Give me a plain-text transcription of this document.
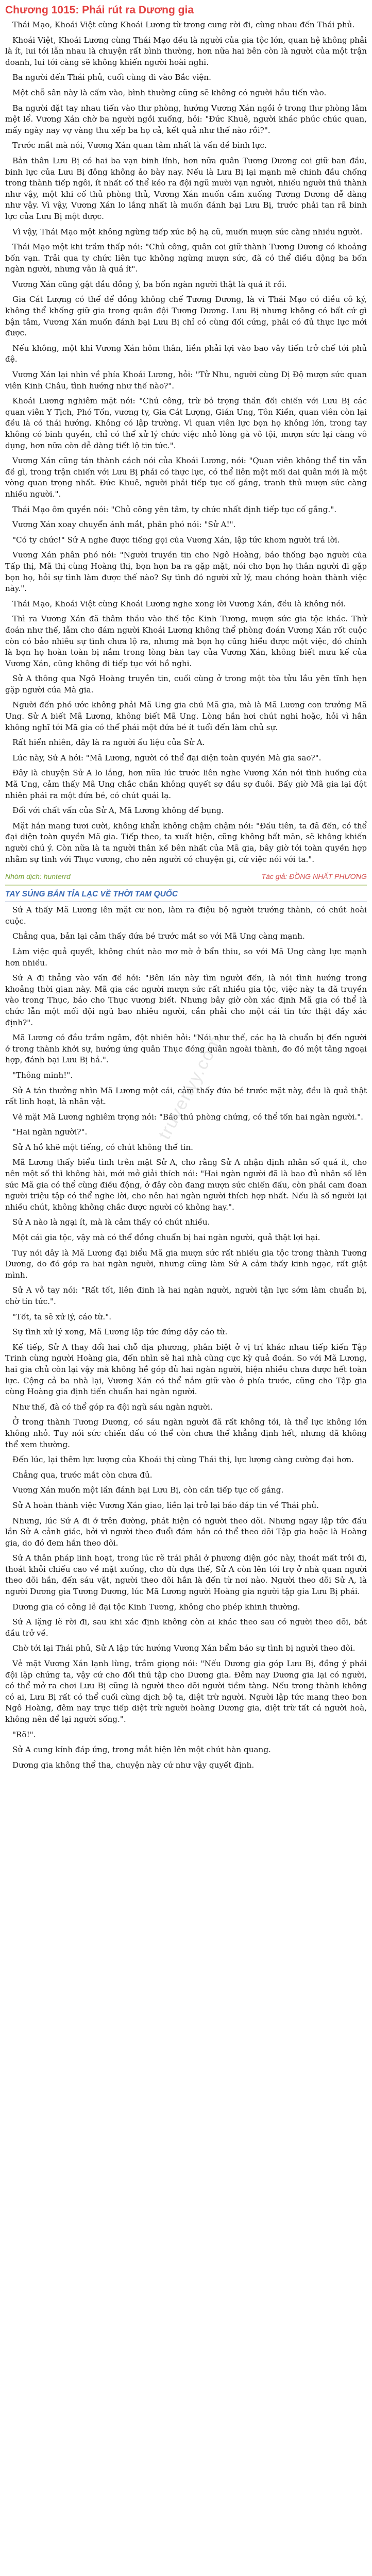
truyenyy.com
Chương 1015: Phái rút ra Dương gia

Thái Mạo, Khoái Việt cùng Khoái Lương từ trong cung rời đi, cùng nhau đến Thái phủ.

Khoái Việt, Khoái Lương cùng Thái Mạo đều là người của gia tộc lớn, quan hệ không phải là ít, lui tới lẫn nhau là chuyện rất bình thường, hơn nữa hai bên còn là người của một trận doanh, lui tới càng sẽ không khiến người hoài nghi.

Ba người đến Thái phủ, cuối cùng đi vào Bắc viện.

Một chỗ sân này là cấm vào, bình thường cũng sẽ không có người hầu tiến vào.

Ba người đặt tay nhau tiến vào thư phòng, hướng Vương Xán ngồi ở trong thư phòng lâm mệt lể. Vương Xán chờ ba người ngồi xuống, hỏi: "Đức Khuê, người khác phúc chúc quan, mấy ngày nay vợ vàng thu xếp ba họ cả, kết quả như thế nào rồi?".

Trước mắt mà nói, Vương Xán quan tâm nhất là vấn đề bình lực.

Bản thân Lưu Bị có hai ba vạn binh lính, hơn nữa quân Tương Dương coi giữ ban đầu, binh lực của Lưu Bị đông không ảo bày nay. Nếu là Lưu Bị lại mạnh mẽ chinh đầu chống trong thành tiếp ngôi, ít nhất cố thể kéo ra đội ngũ mười vạn người, nhiều người thủ thành như vậy, một khi cố thủ phòng thủ, Vương Xán muốn cầm xuống Tương Dương dễ dàng như vậy. Vì vậy, Vương Xán lo lắng nhất là muốn đánh bại Lưu Bị, trước phải tan rã binh lực của Lưu Bị một được.

Vì vậy, Thái Mạo một không ngừng tiếp xúc bộ hạ cũ, muốn mượn sức càng nhiều người.

Thái Mạo một khi trầm thấp nói: "Chủ công, quân coi giữ thành Tương Dương có khoảng bốn vạn. Trải qua ty chức liên tục không ngừng mượn sức, đã có thể điều động ba bốn ngàn người, nhưng vẫn là quá ít".

Vương Xán cũng gật đầu đồng ý, ba bốn ngàn người thật là quá ít rồi.

Gia Cát Lượng có thể để đồng không chế Tương Dương, là vì Thái Mạo có điều cô ký, không thể khống giữ gia trong quân đội Tương Dương. Lưu Bị nhưng không có bất cứ gì bận tâm, Vương Xán muốn đánh bại Lưu Bị chỉ có cùng đối cứng, phải có đủ thực lực mới được.

Nếu không, một khi Vương Xán hôm thân, liền phải lợi vào bao vây tiến trở chế tới phủ đệ.

Vương Xán lại nhìn về phía Khoái Lương, hỏi: "Tử Nhu, người cùng Dị Độ mượn sức quan viên Kinh Châu, tình hướng như thế nào?".

Khoái Lương nghiêm mặt nói: "Chủ công, trừ bỏ trọng thần đối chiến với Lưu Bị các quan viên Y Tịch, Phó Tốn, vương ty, Gia Cát Lượng, Gián Ung, Tôn Kiền, quan viên còn lại đều là có thái hướng. Không có lập trường. Vì quan viên lực bọn họ không lớn, trong tay không có binh quyền, chỉ có thể xử lý chức việc nhỏ lòng gà vô tội, mượn sức lại càng vô dụng, hơn nữa còn dễ dàng tiết lộ tin tức.".

Vương Xán cũng tán thành cách nói của Khoái Lương, nói: "Quan viên không thể tin vẫn đề gì, trong trận chiến với Lưu Bị phải có thực lực, có thể liên một mối dai quân mới là một vòng quan trọng nhất. Đức Khuê, người phải tiếp tục cố gắng, tranh thủ mượn sức càng nhiều người.".

Thái Mạo ôm quyền nói: "Chủ công yên tâm, ty chức nhất định tiếp tục cố gắng.".

Vương Xán xoay chuyển ánh mắt, phân phó nói: "Sử A!".

"Có ty chức!" Sử A nghe được tiếng gọi của Vương Xán, lập tức khom người trả lời.

Vương Xán phân phó nói: "Người truyền tin cho Ngô Hoàng, bảo thống bạo người của Tấp thị, Mã thị cùng Hoàng thị, bọn họn ba ra gặp mặt, nói cho bọn họ thân người đi gặp bọn họ, hỏi sự tình làm được thế nào? Sự tình đó người xử lý, mau chóng hoàn thành việc này.".

Thái Mạo, Khoái Việt cùng Khoái Lương nghe xong lời Vương Xán, đều là không nói.

Thì ra Vương Xán đã thâm thầu vào thế tộc Kinh Tương, mượn sức gia tộc khác. Thử đoán như thế, lẫm cho đám người Khoái Lương không thể phòng đoán Vương Xán rốt cuộc còn có bảo nhiêu sự tình chưa lộ ra, nhưng mà bọn họ cũng hiểu được một việc, đó chính là bọn họ hoàn toàn bị nắm trong lòng bàn tay của Vương Xán, không biết mưu kế của Vương Xán, cũng không đi tiếp tục với hồ nghi.

Sử A thông qua Ngô Hoàng truyền tin, cuối cùng ở trong một tòa tửu lầu yên tĩnh hẹn gặp người của Mã gia.

Người đến phó ước không phải Mã Ung gia chủ Mã gia, mà là Mã Lương con trưởng Mã Ung. Sử A biết Mã Lương, không biết Mã Ung. Lòng hắn hơi chút nghi hoặc, hỏi vì hắn không nghĩ tới Mã gia có thể phái một đứa bé ít tuổi đến làm chủ sự.

Rất hiển nhiên, đây là ra người ấu liệu của Sử A.

Lúc này, Sử A hỏi: "Mã Lương, người có thể đại diện toàn quyền Mã gia sao?".

Đây là chuyện Sử A lo lắng, hơn nữa lúc trước liên nghe Vương Xán nói tình huống của Mã Ung, cảm thấy Mã Ung chắc chắn không quyết sợ đầu sợ đuôi. Bấy giờ Mã gia lại đột nhiên phái ra một đứa bé, có chút quái lạ.

Đối với chất vấn của Sử A, Mã Lương không để bụng.

Mặt hắn mang tươi cười, không khẩn không chậm chậm nói: "Đầu tiên, ta đã đến, có thể đại diện toàn quyền Mã gia. Tiếp theo, ta xuất hiện, cũng không bất mãn, sẽ không khiến người chú ý. Còn nữa là ta người thân kề bên nhất của Mã gia, bây giờ tới toàn quyền hợp nhằm sự tình với Thục vương, cho nên người có chuyện gì, cứ việc nói với ta.".

Nhóm dịch: hunterrd	Tác giả: ĐỒNG NHẤT PHƯƠNG
TAY SÚNG BẮN TỈA LẠC VỀ THỜI TAM QUỐC

Sử A thấy Mã Lương lên mặt cư non, làm ra điệu bộ người trưởng thành, có chút hoài cuộc.

Chẳng qua, bản lại cảm thấy đứa bé trước mắt so với Mã Ung càng mạnh.

Làm việc quả quyết, không chút nào mơ mờ ở bẩn thiu, so với Mã Ung càng lực mạnh hơn nhiều.

Sử A đi thẳng vào vấn đề hỏi: "Bên lần này tìm người đến, là nói tình hướng trong khoảng thời gian này. Mã gia các người mượn sức rất nhiều gia tộc, việc này ta đã truyền vào trong Thục, báo cho Thục vương biết. Nhưng bây giờ còn xác định Mã gia có thể là chức lẫn một mối đội ngũ bao nhiêu người, cần phải cho một cái tin tức thật đầy xác định?".

Mã Lương có đầu trầm ngâm, đột nhiên hỏi: "Nói như thế, các hạ là chuẩn bị đến người ở trong thành khởi sự, hướng ứng quân Thục đóng quân ngoài thành, đo đó một tâng ngoại hợp, đánh bại Lưu Bị hả.".

"Thông minh!".

Sử A tán thưởng nhìn Mã Lương một cái, cảm thấy đứa bé trước mặt này, đều là quả thật rất linh hoạt, là nhân vật.

Vẻ mặt Mã Lương nghiêm trọng nói: "Bảo thủ phòng chứng, có thể tốn hai ngàn người.".

"Hai ngàn người?".

Sử A hồ khẽ một tiếng, có chút không thể tin.

Mã Lương thấy biểu tình trên mặt Sử A, cho rằng Sử A nhận định nhân số quá ít, cho nên một số thì không hài, mới mở giải thích nói: "Hai ngàn người đã là bao đủ nhân số lên sức Mã gia có thể cùng điều động, ở đây còn đang mượn sức chiến đấu, còn phải cam đoan người triệu tập có thể nghe lời, cho nên hai ngàn người thích hợp nhất. Nếu là số người lại nhiều chút, không không chắc được người có không hay.".

Sử A nào là ngại ít, mà là cảm thấy có chút nhiều.

Một cái gia tộc, vậy mà có thể đồng chuẩn bị hai ngàn người, quả thật lợi hại.

Tuy nói dây là Mã Lương đại biểu Mã gia mượn sức rất nhiều gia tộc trong thành Tương Dương, do đó góp ra hai ngàn người, nhưng cũng làm Sử A cảm thấy kinh ngạc, rất giật mình.

Sử A vỗ tay nói: "Rất tốt, liên đinh là hai ngàn người, người tận lực sớm làm chuẩn bị, chờ tín tức.".

"Tốt, ta sẽ xử lý, cáo từ.".

Sự tình xử lý xong, Mã Lương lập tức đứng dậy cáo từ.

Kế tiếp, Sử A thay đổi hai chỗ địa phương, phân biệt ở vị trí khác nhau tiếp kiến Tập Trinh cùng người Hoàng gia, đến nhìn sẽ hai nhà cũng cực kỳ quả đoán. So với Mã Lương, hai gia chủ còn lại vậy mà không hề góp đủ hai ngàn người, hiện nhiều chưa được hết toàn lực. Cộng cả ba nhà lại, Vương Xán có thể nắm giữ vào ở phía trước, cũng cho Tập gia cùng Hoàng gia định tiến chuẩn hai ngàn người.

Như thế, đã có thể góp ra đội ngũ sáu ngàn người.

Ở trong thành Tương Dương, có sáu ngàn người đã rất không tồi, là thể lực không lớn không nhỏ. Tuy nói sức chiến đấu có thể còn chưa thể khẳng định hết, nhưng đã không thể xem thường.

Đến lúc, lại thêm lực lượng của Khoái thị cùng Thái thị, lực lượng càng cường đại hơn.

Chẳng qua, trước mắt còn chưa đủ.

Vương Xán muốn một lần đánh bại Lưu Bị, còn cần tiếp tục cố gắng.

Sử A hoàn thành việc Vương Xán giao, liền lại trở lại báo đáp tin về Thái phủ.

Nhưng, lúc Sử A đi ở trên đường, phát hiện có người theo dõi. Nhưng ngay lập tức đầu lần Sử A cảnh giác, bởi vì người theo đuổi đám hắn có thể theo dõi Tập gia hoặc là Hoàng gia, do đó đem hắn theo dõi.

Sử A thân pháp linh hoạt, trong lúc rẽ trái phải ở phương diện góc này, thoát mất trôi đi, thoát khỏi chiếu cao về mặt xuống, cho dù dựa thế, Sử A còn lên tới trợ ở nhà quan người theo dõi hắn, đến sáu vặt, người theo dõi hắn là đến từ nơi nào. Người theo dõi Sử A, là người Dương gia Tương Dương, lúc Mã Lương người Hoàng gia người tập gia Lưu Bị phái.

Dương gia có công lễ đại tộc Kinh Tương, không cho phép khinh thường.

Sử A lặng lẽ rời đi, sau khi xác định không còn ai khác theo sau có người theo dõi, bắt đầu trở về.

Chờ tới lại Thái phủ, Sử A lập tức hướng Vương Xán bẩm báo sự tình bị người theo dõi.

Vẻ mặt Vương Xán lạnh lùng, trầm giọng nói: "Nếu Dương gia góp Lưu Bị, đồng ý phái đội lặp chứng ta, vậy cứ cho đối thủ tập cho Dương gia. Đêm nay Dương gia lại có người, có thể mở ra chơi Lưu Bị cũng là người theo dõi người tiềm tàng. Nếu trong thành không có ai, Lưu Bị rất có thể cuối cùng dịch bộ ta, diệt trừ người. Người lập tức mang theo bon Ngô Hoàng, đêm nay trực tiếp diệt trừ người hoàng Dương gia, diệt trừ tất cả người hoà, không nên để lại người sống.".

"Rõ!".

Sử A cung kính đáp ứng, trong mắt hiện lên một chút hàn quang.

Dương gia không thể tha, chuyện này cứ như vậy quyết định.
